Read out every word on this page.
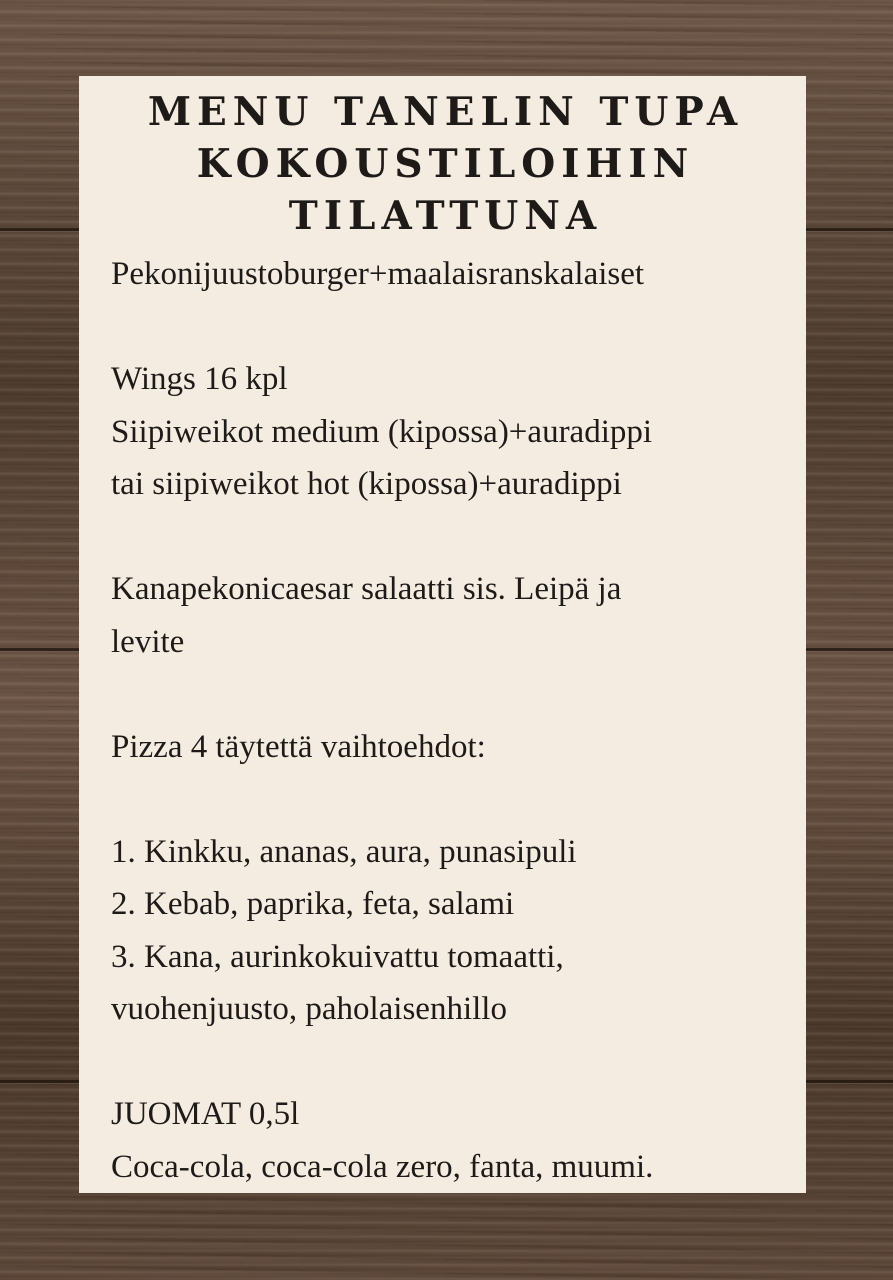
MENU TANELIN TUPA
KOKOUSTILOIHIN
TILATTUNA
Pekonijuustoburger+maalaisranskalaiset
Wings 16 kpl
Siipiweikot medium (kipossa)+auradippi
tai siipiweikot hot (kipossa)+auradippi
Kanapekonicaesar salaatti sis. Leipä ja
levite
Pizza 4 täytettä vaihtoehdot:
1. Kinkku, ananas, aura, punasipuli
2. Kebab, paprika, feta, salami
3. Kana, aurinkokuivattu tomaatti,
vuohenjuusto, paholaisenhillo
JUOMAT 0,5l
Coca-cola, coca-cola zero, fanta, muumi.
